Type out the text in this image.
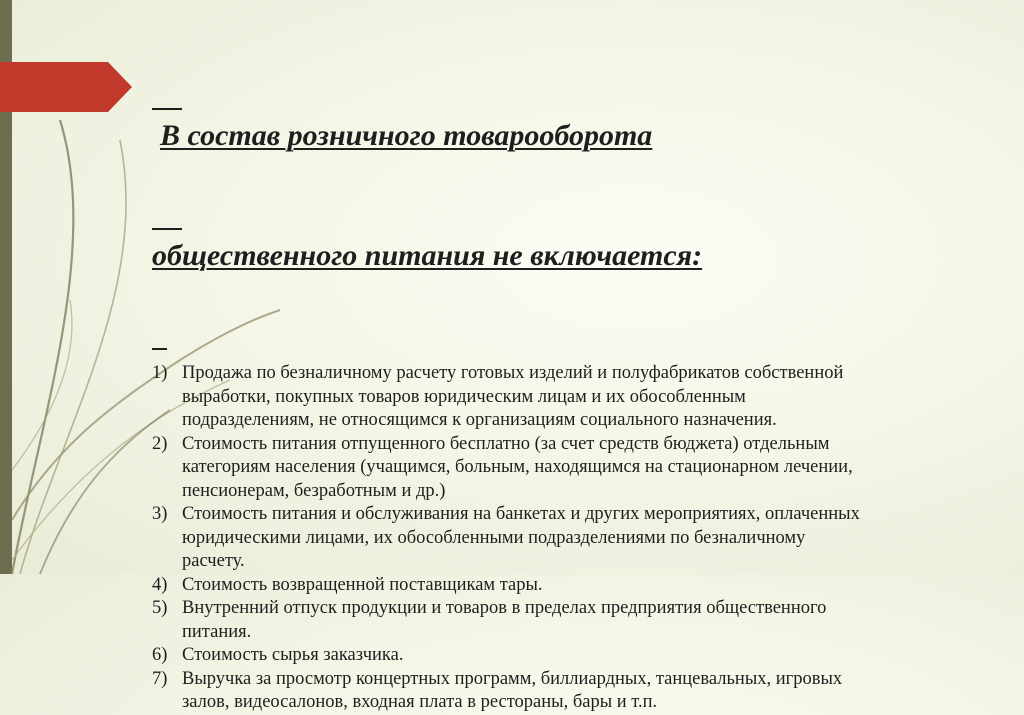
В состав розничного товарооборота

общественного питания не включается:

1) Продажа по безналичному расчету готовых изделий и полуфабрикатов собственной выработки, покупных товаров юридическим лицам и их обособленным подразделениям, не относящимся к организациям социального назначения.
2) Стоимость питания отпущенного бесплатно (за счет средств бюджета) отдельным категориям населения (учащимся, больным, находящимся на стационарном лечении, пенсионерам, безработным и др.)
3) Стоимость питания и обслуживания на банкетах и других мероприятиях, оплаченных юридическими лицами, их обособленными подразделениями по безналичному расчету.
4) Стоимость возвращенной поставщикам тары.
5) Внутренний отпуск продукции и товаров в пределах предприятия общественного питания.
6) Стоимость сырья заказчика.
7) Выручка за просмотр концертных программ, биллиардных, танцевальных, игровых залов, видеосалонов, входная плата в рестораны, бары и т.п.
